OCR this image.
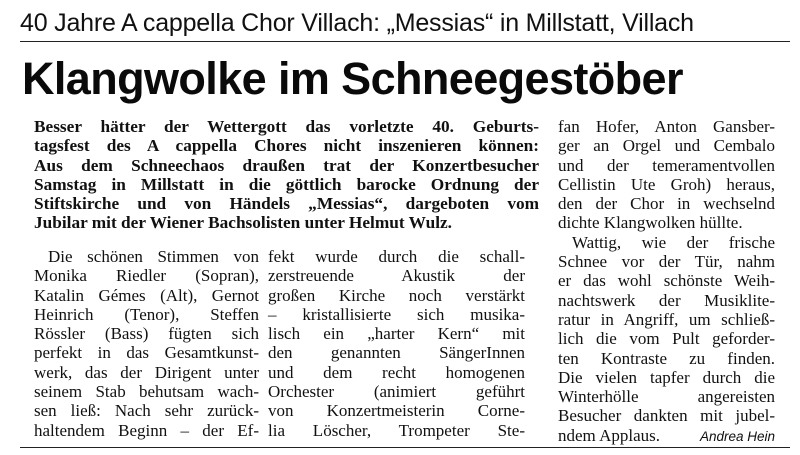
40 Jahre A cappella Chor Villach: „Messias“ in Millstatt, Villach
Klangwolke im Schneegestöber
Besser hätter der Wettergott das vorletzte 40. Geburts-
tagsfest des A cappella Chores nicht inszenieren können:
Aus dem Schneechaos draußen trat der Konzertbesucher
Samstag in Millstatt in die göttlich barocke Ordnung der
Stiftskirche und von Händels „Messias“, dargeboten vom
Jubilar mit der Wiener Bachsolisten unter Helmut Wulz.
Die schönen Stimmen von
Monika Riedler (Sopran),
Katalin Gémes (Alt), Gernot
Heinrich (Tenor), Steffen
Rössler (Bass) fügten sich
perfekt in das Gesamtkunst-
werk, das der Dirigent unter
seinem Stab behutsam wach-
sen ließ: Nach sehr zurück-
haltendem Beginn – der Ef-
fekt wurde durch die schall-
zerstreuende Akustik der
großen Kirche noch verstärkt
– kristallisierte sich musika-
lisch ein „harter Kern“ mit
den genannten SängerInnen
und dem recht homogenen
Orchester (animiert geführt
von Konzertmeisterin Corne-
lia Löscher, Trompeter Ste-
fan Hofer, Anton Gansber-
ger an Orgel und Cembalo
und der temeramentvollen
Cellistin Ute Groh) heraus,
den der Chor in wechselnd
dichte Klangwolken hüllte.
Wattig, wie der frische
Schnee vor der Tür, nahm
er das wohl schönste Weih-
nachtswerk der Musiklite-
ratur in Angriff, um schließ-
lich die vom Pult geforder-
ten Kontraste zu finden.
Die vielen tapfer durch die
Winterhölle angereisten
Besucher dankten mit jubel-
ndem Applaus.	Andrea Hein
